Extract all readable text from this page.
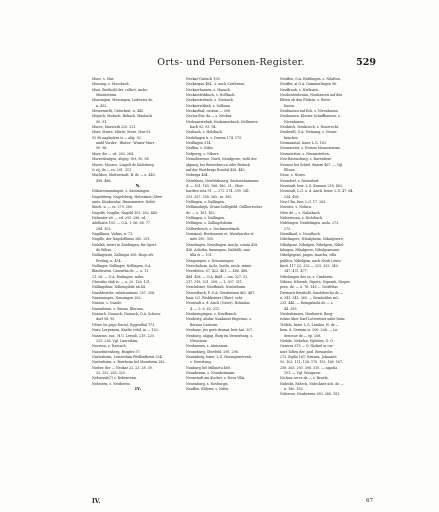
Orts- und Personen-Register.	529
Mure, s. Mur.
Mussing, s. Moosbach.
Muzi, Berthold der, collect, sachs.
Ministerium.
Muzzingen, Messingen, Lodweiss de,
n. 432.
Messewarth, Unterkrat, n. 445.
Muyach, Mubach, Bubach, Maubach
90. 91.
Mures, Marsrath 220. 221.
Murr, Murre, Mürre, Mure, Mur 91.
92 96 naglachen is — abg. 92,
ambl Vorder-, Hinter-, Winter-Murr
90. 96.
Murr, die — vd. 263. 264.
Murrenburgen, abgeg. Ort, 90. 98.
Murse, Moosco, Lingolt de Kalesberg
& zij, do — vs. 201. 311.
Mutlsber, Mutterstadt, B. de — u. 445,
498. 486.
N.
Nübarrsmantingen, s. Sassmingen.
Nagelsberg, Nagelsberg, Holzstmer (Ober-
amts. Künkeeslar, Hinnenmeier, Nebit-
ltinch, n. — vs. 279. 280.
Nagolfe, Nagilin, Nagold 103. 262. 440.
Hebenter vd. — vd. 293. 296. vd.
Adelhaite 103. — O.A. 1. 66. 68. 77.
284. 302.
Nagillinen, Virkus, n. 71.
Nagillo, der Nagoldflusse 280. 291.
Nalelsh, merrt in Zeadingen, für Opert.
de Wiltro.
Nallingeries, Zallingar 269. Hugo alv
Ersting, n. 434.
Nallinger, Nallinger, Nellingen, O.A.
Blaubeuren, Carentha de. — u. 11.
21. 26. — O.A. Esslingen, miles
Cherafus sluh is. — u. 20. 126. 131.
Nallingebuir, Nilleingibile ah 44.
Narsbhsruhe, substrantiner, 257. 308.
Nazzeningen, Nensingen 262.
Nassen, s. Nassle.
Nassmbeun, s. Bauna, Bleruna.
Nassach, Nassach, Nassach, O.A. Schorn-
dorf 94. 95.
Nêsse (in pago Duria), Eggenthal 173.
Nasv, Lorpenuss, Kneltz coful. in — 120.
Nasarius, sus., H.U. Lersuh, 219. 220.
225. 226. Vgl. Laureslam.
Nacessa, s. Nassach.
Nassebürenberg, Beigitte 37.
Nastosheim, Lestershim Pfeilbzdheim 234.
Nastosheim, s. Borrheim bel Munsheim 282.
Nieber, der — Neckar 22. 23. 28. 30.
32. 252. 283. 325.
Nebuvruh(?) s. Rebenvenn.
Nebstren, s. Neuberen.
IV.
Neckar-Gartach 100.
Neckargau 484., s. auch Cartheson.
Neckarrhanzen, s. Huzach.
Neckarsteikbach, s. Nollbach.
Neckarstrebach, s. Steinach.
Neckarrichhab, s. Salbnau.
Neckarthal, castum — 308.
Nectar fluv. da — s. Neckar.
Nedenaestehab, Nadamersbach, Nellmrers-
bach 92. 93. 94.
Nedeach, s. Holzbach.
Nedelingen u. s. Dorren 174. 175.
Nedlingen 314.
Nedfen, s. Nifus.
Nefpurrg, s. Niberv.
Neinobereuse, Nurit, Neudgrove, viehl der
abpurg, bei Reisesbrocca oder Reissch
auf der Wartbergs Roselal 436. 440.
Neberga 464.
Neirfsluns, Neirlelzhourg, Suchseshairnnen
d. — 161. 165. 166. 160. 31., Ober-
hardtes sota 31. — 272. 274. 339. 341.
353. 357. 358. 365., m. 362.
Nellingen, s. Nallingen.
Nelliinsdirgh, Grune-Lellepfeld, Güllbertscher
de. — s. 161. 162.
Nellingen, s. Nallingen.
Nellingen, s. Zallingelsheim.
Nellersbesch, s. Neckmsertbach.
Nemmsel, Hertissenes et, Wernhardes et
mitv 289. 300.
Nenelingen, Nenslingen, macla, comta 428.
436. Achitha, Immingen, Nalsbilli, nan-
tilla is — 101.
Nengsingen, s. Neunasingen.
Nerschahem, Incle, Inetla, necla, intme.
Neerdeten. 87. 422. 461. — 486. 488.
484. 438. — O.A. Bald — um. 327. 51.
317. 318. 321. 358. — 1. 307. 311.
Neschibner, Neuffrauh, Neubehurm.
Neuoelbach, F. O.A. Gerabetaen 461. 467.
baar. LG. Wiskkeister (Gher): sebr
Neustadt a. d. Aisch (Unter), Holmalac
4. — 5. 6. 62. 211.
Neuberngingen, s. Neuffrauch.
Neuberty, alsdur. Knnkrunt Engevinn, s.
Bernau Castrum.
Neuhaue, jeo gerü dennar, keir Ant. 307.
Nenburg, ahgng. Burg im Vernerburg, s.
Nieustene.
Neuhausen, s. Ataisemus.
Neuneburg, Oberfeld. 295. 296.
Neunnbeig, baier. L.G. Hermgesnerenh,
s. Nersrtang.
Nunburg bel Millmeta 460.
Neunbeium, s. Neunheimann.
Neunstadt am Kocher, s. Nova Villa.
Neuenburg, s. Novburgis.
Neuffen, Ehlerer, s. Nifen.
Neuffen, O.A. Rüttlingen, s. Nilafton.
Neuffer, ai O.A. Gummerlingen 96.
Neuffrauh, s. Niefauen.
Neubeutenbrunn, Neuhausen auf den
Eilern ob den Fildern, s. Riete-
husen.
Neubausen auf Ech, s. Nivenhusen.
Neuhausen, Kloster Schaffhausen, s.
Nivenhusen.
Neukirch, Neukriech, s. Nonerecht.
Neuberdl, O.A. Tettnang, s. Neuse-
krischer.
Neumaratal, lauer. L.G. 163.
Neumiester, s. Novum Monasterium.
Neunstetten, s. Niwnnstetten.
Neu-Ravensburg, s. Ravenbere.
Neuneu bei Schiel, Baiern 467. — Vgl.
Eltaus.
Neue, s. Niwes.
Neundorf, s. Niuendurf.
Neustadt, beir. L.G. Kronum 218. 463.
Neustadt, L.G. a. d. Aisch, beier. L.G. 47. 64.
234. 458.
Neu-Ulm, bier. L.G. 17. 263.
Neveste, s. Nefurn.
Nêss de — s. Nalsebach.
Nideriessau, s. Niclebach.
Nidrlingen, Neidelingen, mola, 273.
275.
Niemlhaul, s. Noudbach.
Nibelingere, Nibalgheim, Nibalgerore,
Nibalgone, Nibalgen, Nibelgem, Nibel-
lnhagen, Nibalgiese, Nibalgomoune,
Nibelgegens, pagus, marcha, villa
publica, Nibelgem, nach Neub Leute-
kirch 117 (2). 332 — 325. 339. 340.
347. 475. 477.
Nibelungen des es, s. Cimberen.
Nibern, Nibernh, Nipere, Nipernh, Nieper,
pern, de. — u. 76. 145 — Gottfritas
Dermarti Reinhold, Gaudebircha de —
u. 341. 341. 360. — Reinholdus asL.
233. 446. — Reingaboda de — s.
44. 359.
Niederhausen, Neuhaerti, Burg-
rutine über Darf Lotteresier nahe beim
Tröfels, baier. L.G. Landau, H. de —
hem. 8. German is. 200. 208. — Lu-
dewicue de — ep. 208.
Niebde, Nebelen, Hybelen, Ö. Ö.
Gezeres 378 — Ö. Niekiel in cer-
nars Tollen der. parl. Bernardus
273. Egilia 161. Ezwara, Johannes
93. 103. 111. 128. 179. 153. 166. 167.
258. 263. 293. 308. 310. — sapolia
101. — Vgl. Wsugasse.
Niclaus cerve de — s. Bruela.
Nidecks, Nideck, Nideckner ach. de —
u. 180. 182.
Nidersoe, Neuheeren 283. 266. 181.
IV.	67
